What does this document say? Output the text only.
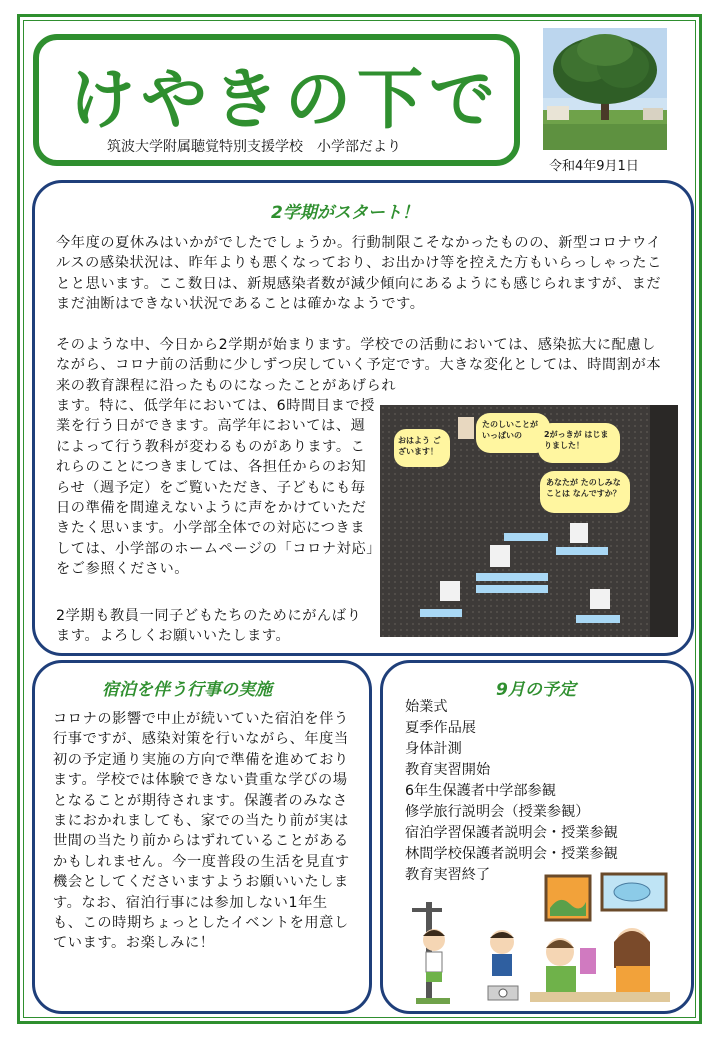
けやきの下で
筑波大学附属聴覚特別支援学校　小学部だより
令和4年9月1日
2学期がスタート！
今年度の夏休みはいかがでしたでしょうか。行動制限こそなかったものの、新型コロナウイルスの感染状況は、昨年よりも悪くなっており、お出かけ等を控えた方もいらっしゃったことと思います。ここ数日は、新規感染者数が減少傾向にあるようにも感じられますが、まだまだ油断はできない状況であることは確かなようです。
そのような中、今日から2学期が始まります。学校での活動においては、感染拡大に配慮しながら、コロナ前の活動に少しずつ戻していく予定です。大きな変化としては、時間割が本来の教育課程に沿ったものになったことがあげられ
ます。特に、低学年においては、6時間目まで授業を行う日ができます。高学年においては、週によって行う教科が変わるものがあります。これらのことにつきましては、各担任からのお知らせ（週予定）をご覧いただき、子どもにも毎日の準備を間違えないように声をかけていただきたく思います。小学部全体での対応につきましては、小学部のホームページの「コロナ対応」をご参照ください。
2学期も教員一同子どもたちのためにがんばります。よろしくお願いいたします。
おはよう ございます！
たのしいことが いっぱいの	2がっきが はじまりました！
あなたが たのしみなことは なんですか？
宿泊を伴う行事の実施
コロナの影響で中止が続いていた宿泊を伴う行事ですが、感染対策を行いながら、年度当初の予定通り実施の方向で準備を進めております。学校では体験できない貴重な学びの場となることが期待されます。保護者のみなさまにおかれましても、家での当たり前が実は世間の当たり前からはずれていることがあるかもしれません。今一度普段の生活を見直す機会としてくださいますようお願いいたします。なお、宿泊行事には参加しない1年生も、この時期ちょっとしたイベントを用意しています。お楽しみに！
9月の予定
始業式
夏季作品展
身体計測
教育実習開始
6年生保護者中学部参観
修学旅行説明会（授業参観）
宿泊学習保護者説明会・授業参観
林間学校保護者説明会・授業参観
教育実習終了
